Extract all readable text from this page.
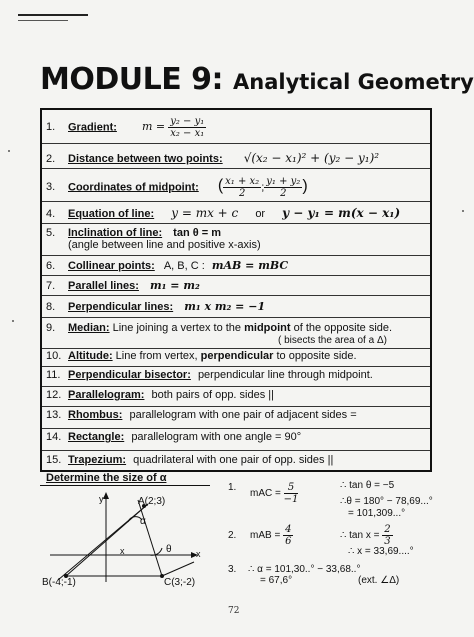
MODULE 9: Analytical Geometry
1. Gradient: $m = \frac{\text{y₂ − y₁}}{\text{x₂ − x₁}}$
2. Distance between two points: √(x₂ − x₁)² + (y₂ − y₁)²
3. Coordinates of midpoint: ( $\frac{\text{x₁ + x₂}}{2}$ ; $\frac{\text{y₁ + y₂}}{2}$ )
4. Equation of line: y = mx + c or y − y₁ = m(x − x₁)
5. Inclination of line: tan θ = m
(angle between line and positive x-axis)
6. Collinear points: A, B, C : mAB = mBC
7. Parallel lines: m₁ = m₂
8. Perpendicular lines: m₁ x m₂ = −1
9. Median: Line joining a vertex to the midpoint of the opposite side.
( bisects the area of a Δ)
10. Altitude: Line from vertex, perpendicular to opposite side.
11. Perpendicular bisector: perpendicular line through midpoint.
12. Parallelogram: both pairs of opp. sides ||
13. Rhombus: parallelogram with one pair of adjacent sides =
14. Rectangle: parallelogram with one angle = 90°
15. Trapezium: quadrilateral with one pair of opp. sides ||
Determine the size of α
y
x
A(2;3)
B(-4;-1)	C(3;-2)
α
θ
x
1.
mAC = $\frac{5}{-1}$	∴ tan θ = −5
∴θ = 180° − 78,69...°
= 101,309...°
2. mAB = $\frac{4}{6}$	∴ $\tan x = \frac{2}{3}$
∴ x = 33,69....°
3. ∴ α = 101,30..° − 33,68..°
= 67,6°	(ext. ∠Δ)
72
